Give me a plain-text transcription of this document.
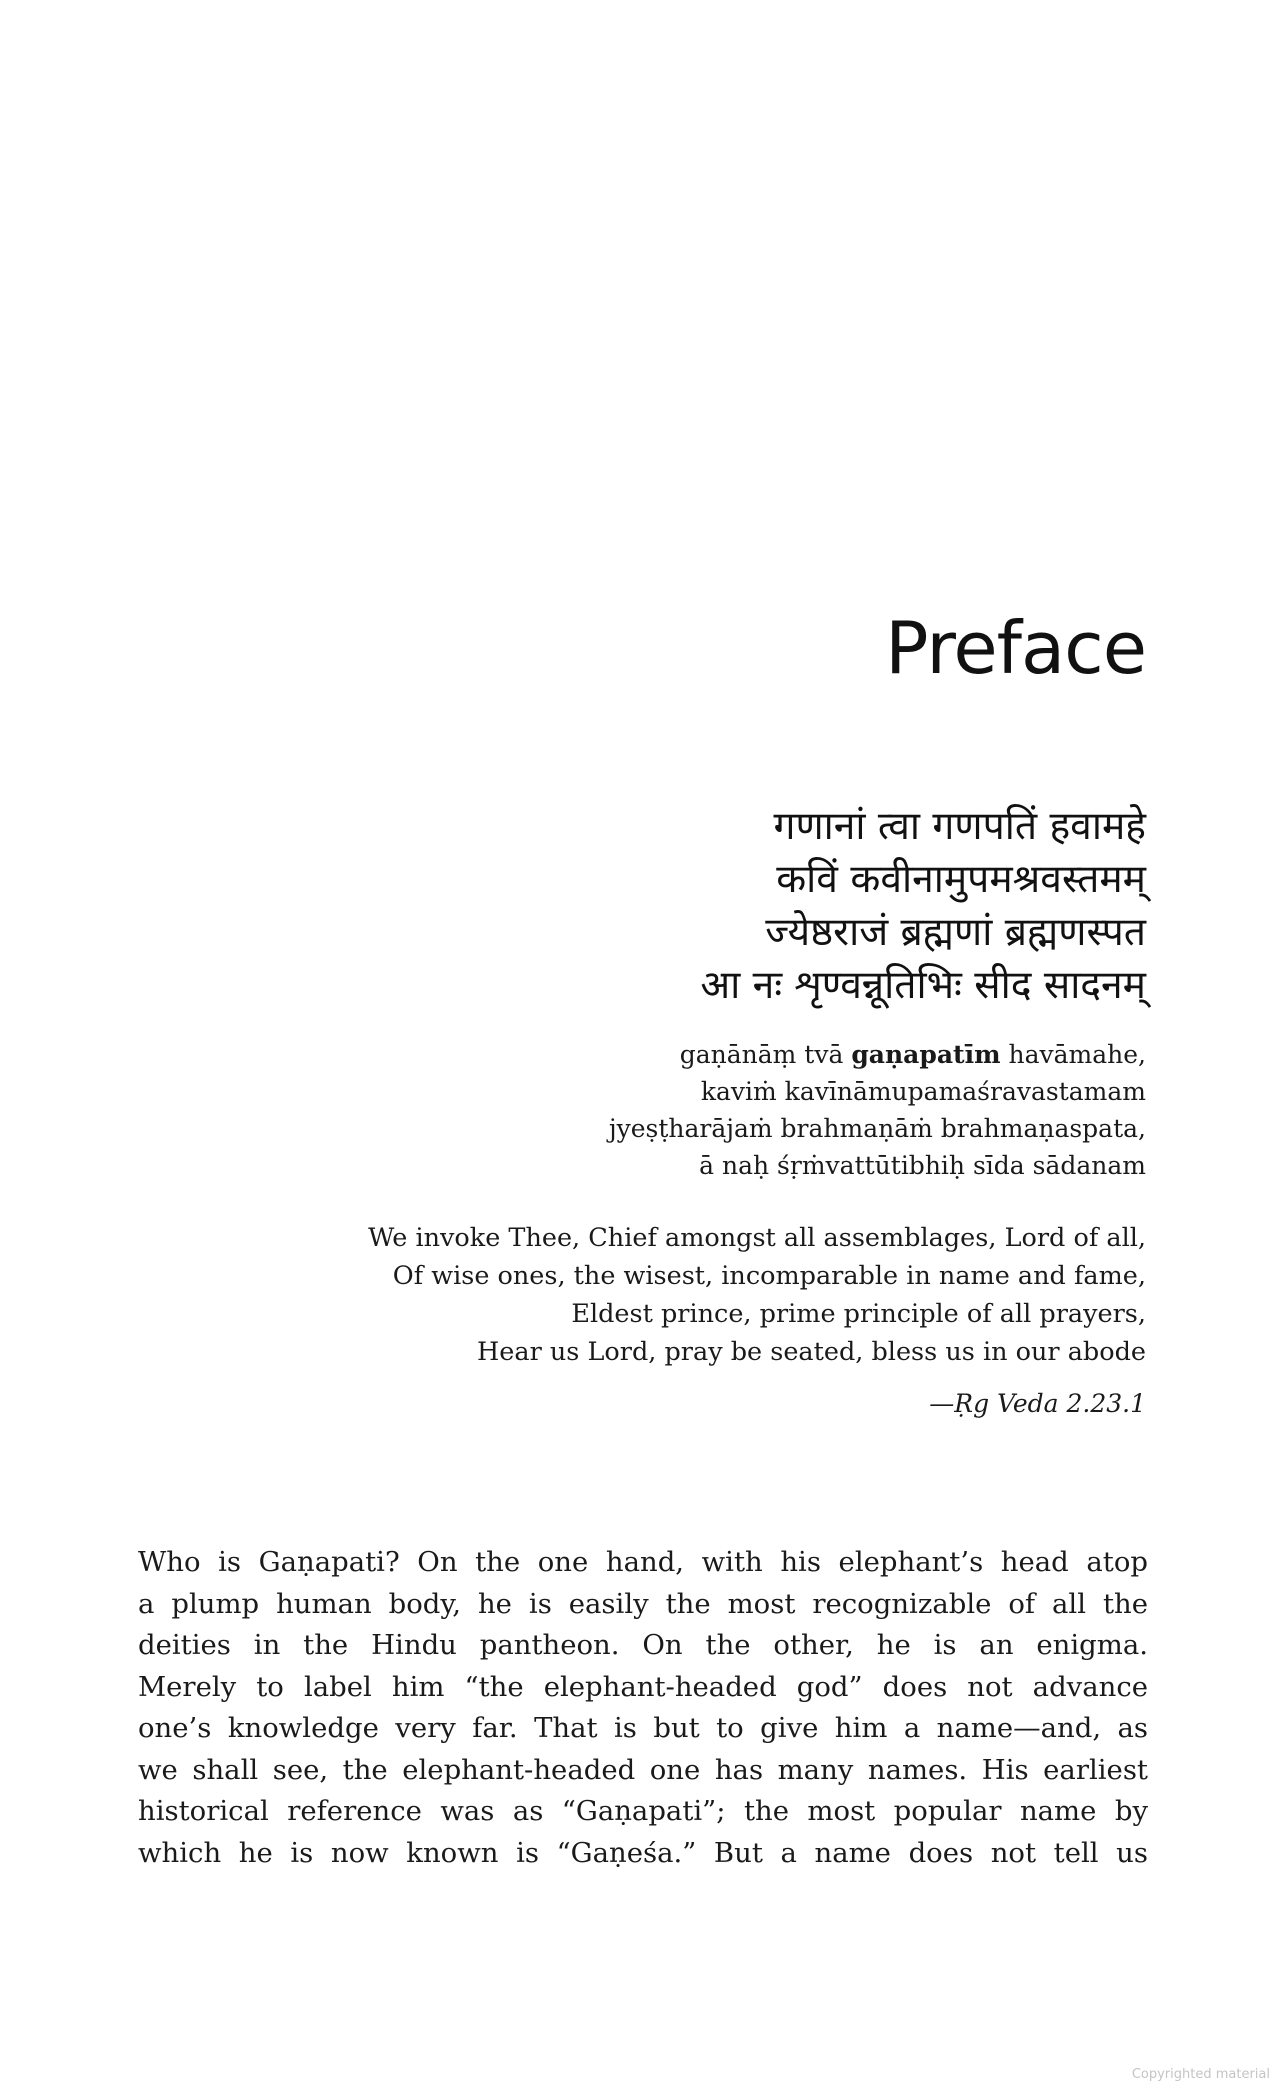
Preface
गणानां त्वा गणपतिं हवामहे
कविं कवीनामुपमश्रवस्तमम्
ज्येष्ठराजं ब्रह्मणां ब्रह्मणस्पत
आ नः शृण्वन्नूतिभिः सीद सादनम्
gaṇānāṃ tvā gaṇapatīm havāmahe,
kaviṁ kavīnāmupamaśravastamam
jyeṣṭharājaṁ brahmaṇāṁ brahmaṇaspata,
ā naḥ śṛṁvattūtibhiḥ sīda sādanam
We invoke Thee, Chief amongst all assemblages, Lord of all,
Of wise ones, the wisest, incomparable in name and fame,
Eldest prince, prime principle of all prayers,
Hear us Lord, pray be seated, bless us in our abode
—Ṛg Veda 2.23.1
Who is Gaṇapati? On the one hand, with his elephant’s head atop
a plump human body, he is easily the most recognizable of all the
deities in the Hindu pantheon. On the other, he is an enigma.
Merely to label him “the elephant-headed god” does not advance
one’s knowledge very far. That is but to give him a name—and, as
we shall see, the elephant-headed one has many names. His earliest
historical reference was as “Gaṇapati”; the most popular name by
which he is now known is “Gaṇeśa.” But a name does not tell us
Copyrighted material
